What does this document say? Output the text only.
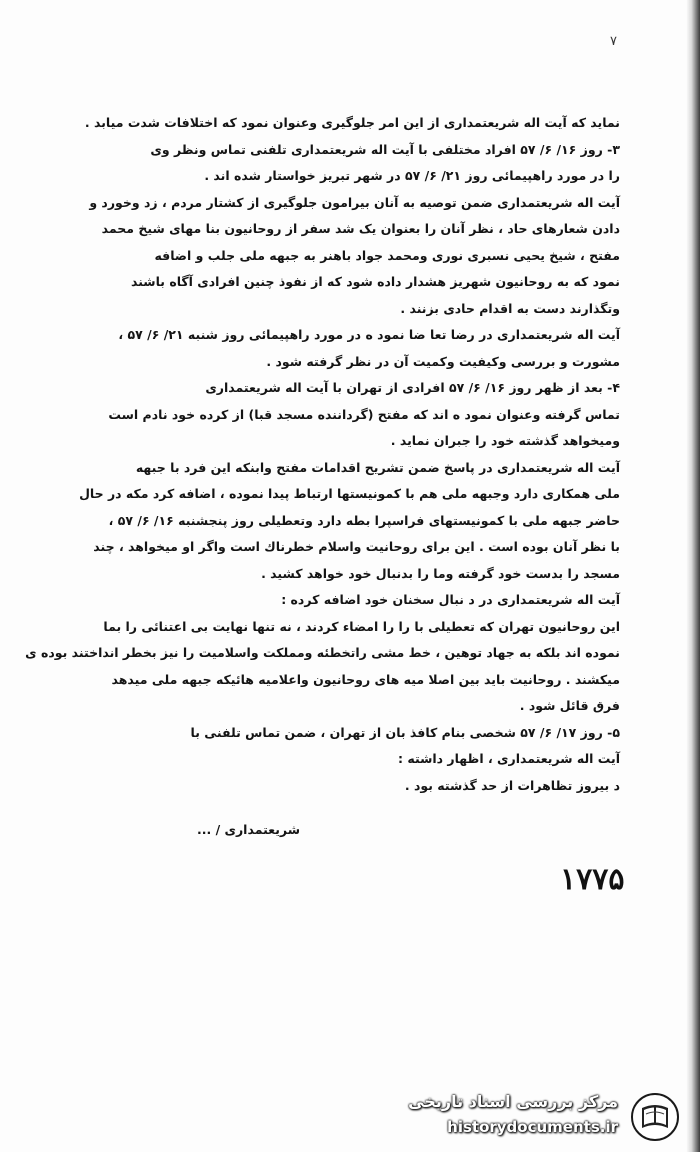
٧
نمايد كه آيت اله شريعتمدارى از اين امر جلوگيرى وعنوان نمود كه اختلافات شدت ميابد .
۳- روز ۱۶/ ۶/ ۵۷ افراد مختلفى با آيت اله شريعتمدارى تلفنى تماس ونظر وى
را در مورد راهپيمائى روز ۲۱/ ۶/ ۵۷ در شهر تبريز خواستار شده اند .
آيت اله شريعتمدارى ضمن توصيه به آنان بيرامون جلوگيرى از كشتار مردم ، زد وخورد و
دادن شعارهاى حاد ، نظر آنان را بعنوان يک شد سفر از روحانيون بنا مهاى شيخ محمد
مفتح ، شيخ يحيى نسبرى نورى ومحمد جواد باهنر به جبهه ملى جلب و اضافه
نمود كه به روحانيون شهريز هشدار داده شود كه از نفوذ چنين افرادى آگاه باشند
وتگذارند دست به اقدام حادى بزنند .
آيت اله شريعتمدارى در رضا تعا ضا نمود ه در مورد راهپيمائى روز شنبه ۲۱/ ۶/ ۵۷ ،
مشورت و بررسى وكيفيت وكميت آن در نظر گرفته شود .
۴- بعد از ظهر روز ۱۶/ ۶/ ۵۷ افرادى از تهران با آيت اله شريعتمدارى
تماس گرفته وعنوان نمود ه اند كه مفتح (گرداننده مسجد قبا) از كرده خود نادم است
وميخواهد گذشته خود را جبران نمايد .
آيت اله شريعتمدارى در پاسخ ضمن تشريح اقدامات مفتح وابنكه اين فرد با جبهه
ملى همكارى دارد وجبهه ملى هم با كمونيستها ارتباط پيدا نموده ، اضافه كرد مكه در حال
حاضر جبهه ملى با كمونيستهاى فراسپرا بطه دارد وتعطيلى روز پنجشنبه ۱۶/ ۶/ ۵۷ ،
با نظر آنان بوده است . اين براى روحانيت واسلام خطرناك است واگر او ميخواهد ، چند
مسجد را بدست خود گرفته وما را بدنبال خود خواهد كشيد .
آيت اله شريعتمدارى در د نبال سخنان خود اضافه كرده :
اين روحانيون تهران كه تعطيلى با را را امضاء كردند ، نه تنها نهايت بى اعتنائى را بما
نموده اند بلكه به جهاد توهين ، خط مشى راتخطئه ومملكت واسلاميت را نيز بخطر انداختند بوده ى
ميكشند . روحانيت بايد بين اصلا ميه هاى روحانيون واعلاميه هائيكه جبهه ملى ميدهد
فرق قائل شود .
۵- روز ۱۷/ ۶/ ۵۷ شخصى بنام كافذ بان از تهران ، ضمن تماس تلفنى با
آيت اله شريعتمدارى ، اظهار داشته :
د بيروز تظاهرات از حد گذشته بود .
شريعتمدارى / ...
۱۷۷۵
مرکز بررسی اسناد تاریخی
historydocuments.ir
